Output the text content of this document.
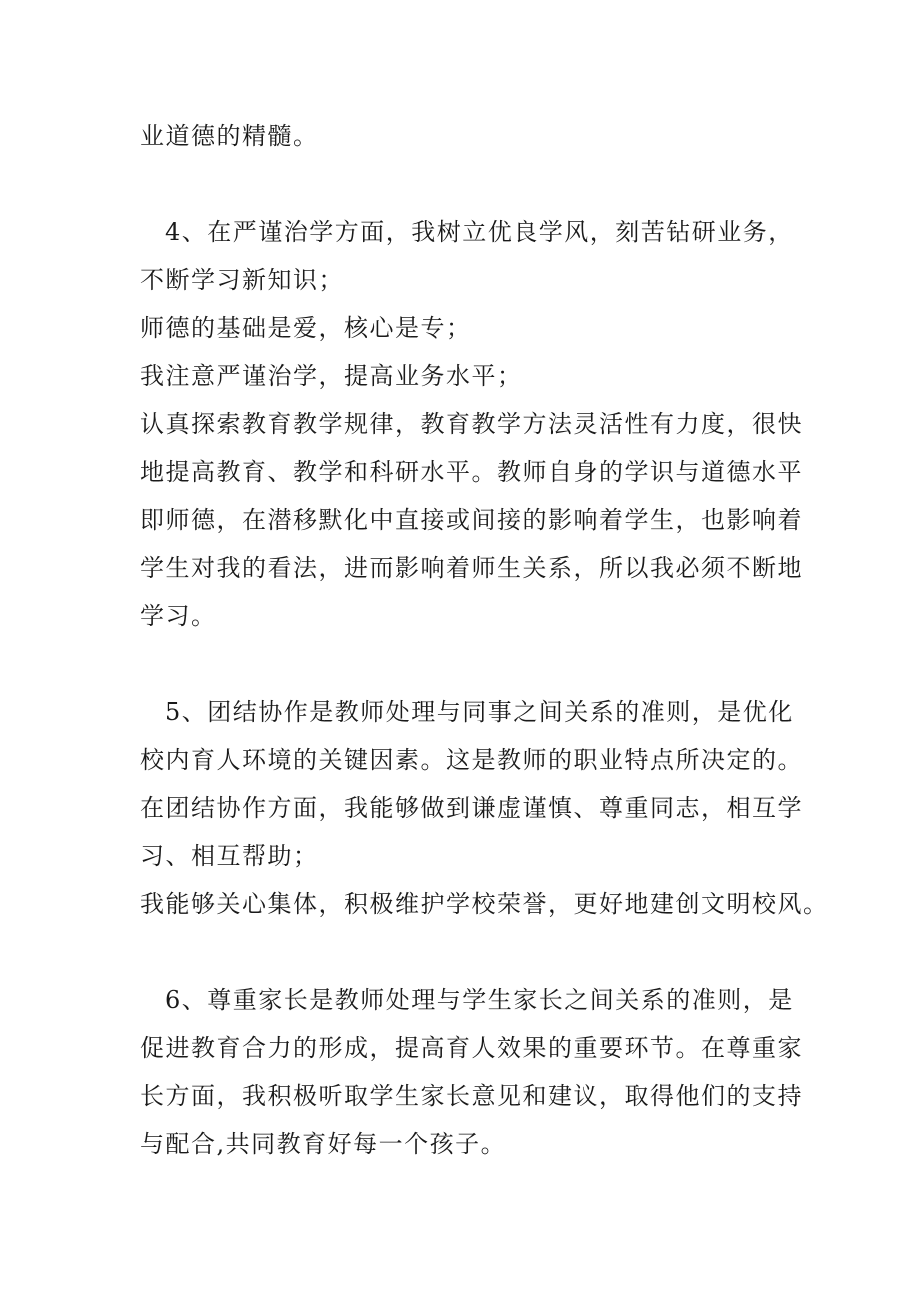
业道德的精髓。
4、在严谨治学方面，我树立优良学风，刻苦钻研业务，
不断学习新知识；
师德的基础是爱，核心是专；
我注意严谨治学，提高业务水平；
认真探索教育教学规律，教育教学方法灵活性有力度，很快
地提高教育、教学和科研水平。教师自身的学识与道德水平
即师德，在潜移默化中直接或间接的影响着学生，也影响着
学生对我的看法，进而影响着师生关系，所以我必须不断地
学习。
5、团结协作是教师处理与同事之间关系的准则，是优化
校内育人环境的关键因素。这是教师的职业特点所决定的。
在团结协作方面，我能够做到谦虚谨慎、尊重同志，相互学
习、相互帮助；
我能够关心集体，积极维护学校荣誉，更好地建创文明校风。
6、尊重家长是教师处理与学生家长之间关系的准则，是
促进教育合力的形成，提高育人效果的重要环节。在尊重家
长方面，我积极听取学生家长意见和建议，取得他们的支持
与配合,共同教育好每一个孩子。
